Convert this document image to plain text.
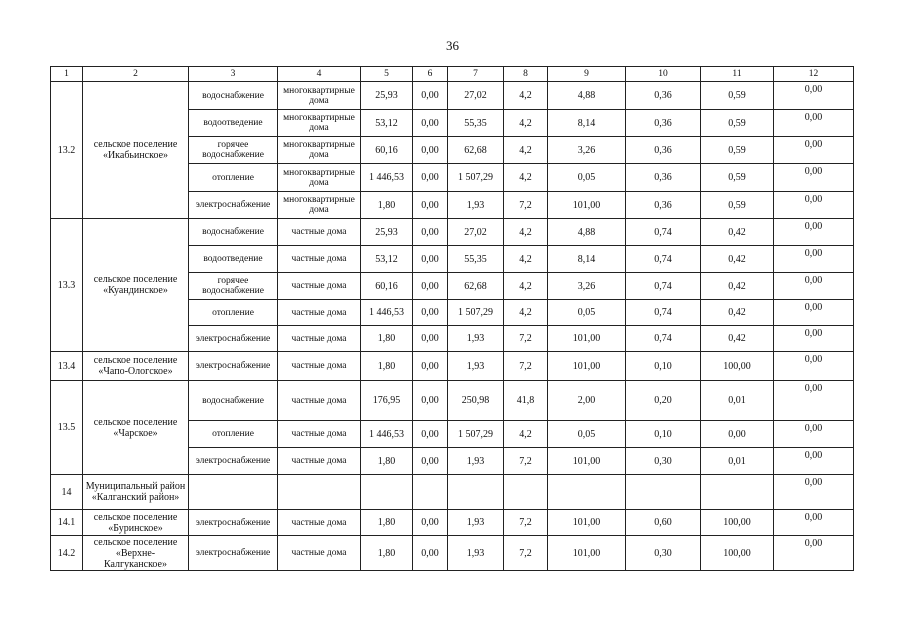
36
1	2	3	4	5	6	7	8	9	10	11	12
13.2	сельское поселение «Икабьинское»	водоснабжение	многоквартирные дома	25,93	0,00	27,02	4,2	4,88	0,36	0,59	0,00
		водоотведение	многоквартирные дома	53,12	0,00	55,35	4,2	8,14	0,36	0,59	0,00
		горячее водоснабжение	многоквартирные дома	60,16	0,00	62,68	4,2	3,26	0,36	0,59	0,00
		отопление	многоквартирные дома	1 446,53	0,00	1 507,29	4,2	0,05	0,36	0,59	0,00
		электроснабжение	многоквартирные дома	1,80	0,00	1,93	7,2	101,00	0,36	0,59	0,00
13.3	сельское поселение «Куандинское»	водоснабжение	частные дома	25,93	0,00	27,02	4,2	4,88	0,74	0,42	0,00
		водоотведение	частные дома	53,12	0,00	55,35	4,2	8,14	0,74	0,42	0,00
		горячее водоснабжение	частные дома	60,16	0,00	62,68	4,2	3,26	0,74	0,42	0,00
		отопление	частные дома	1 446,53	0,00	1 507,29	4,2	0,05	0,74	0,42	0,00
		электроснабжение	частные дома	1,80	0,00	1,93	7,2	101,00	0,74	0,42	0,00
13.4	сельское поселение «Чапо-Ологское»	электроснабжение	частные дома	1,80	0,00	1,93	7,2	101,00	0,10	100,00	0,00
13.5	сельское поселение «Чарское»	водоснабжение	частные дома	176,95	0,00	250,98	41,8	2,00	0,20	0,01	0,00
		отопление	частные дома	1 446,53	0,00	1 507,29	4,2	0,05	0,10	0,00	0,00
		электроснабжение	частные дома	1,80	0,00	1,93	7,2	101,00	0,30	0,01	0,00
14	Муниципальный район «Калганский район»										0,00
14.1	сельское поселение «Буринское»	электроснабжение	частные дома	1,80	0,00	1,93	7,2	101,00	0,60	100,00	0,00
14.2	сельское поселение «Верхне-Калгуканское»	электроснабжение	частные дома	1,80	0,00	1,93	7,2	101,00	0,30	100,00	0,00
